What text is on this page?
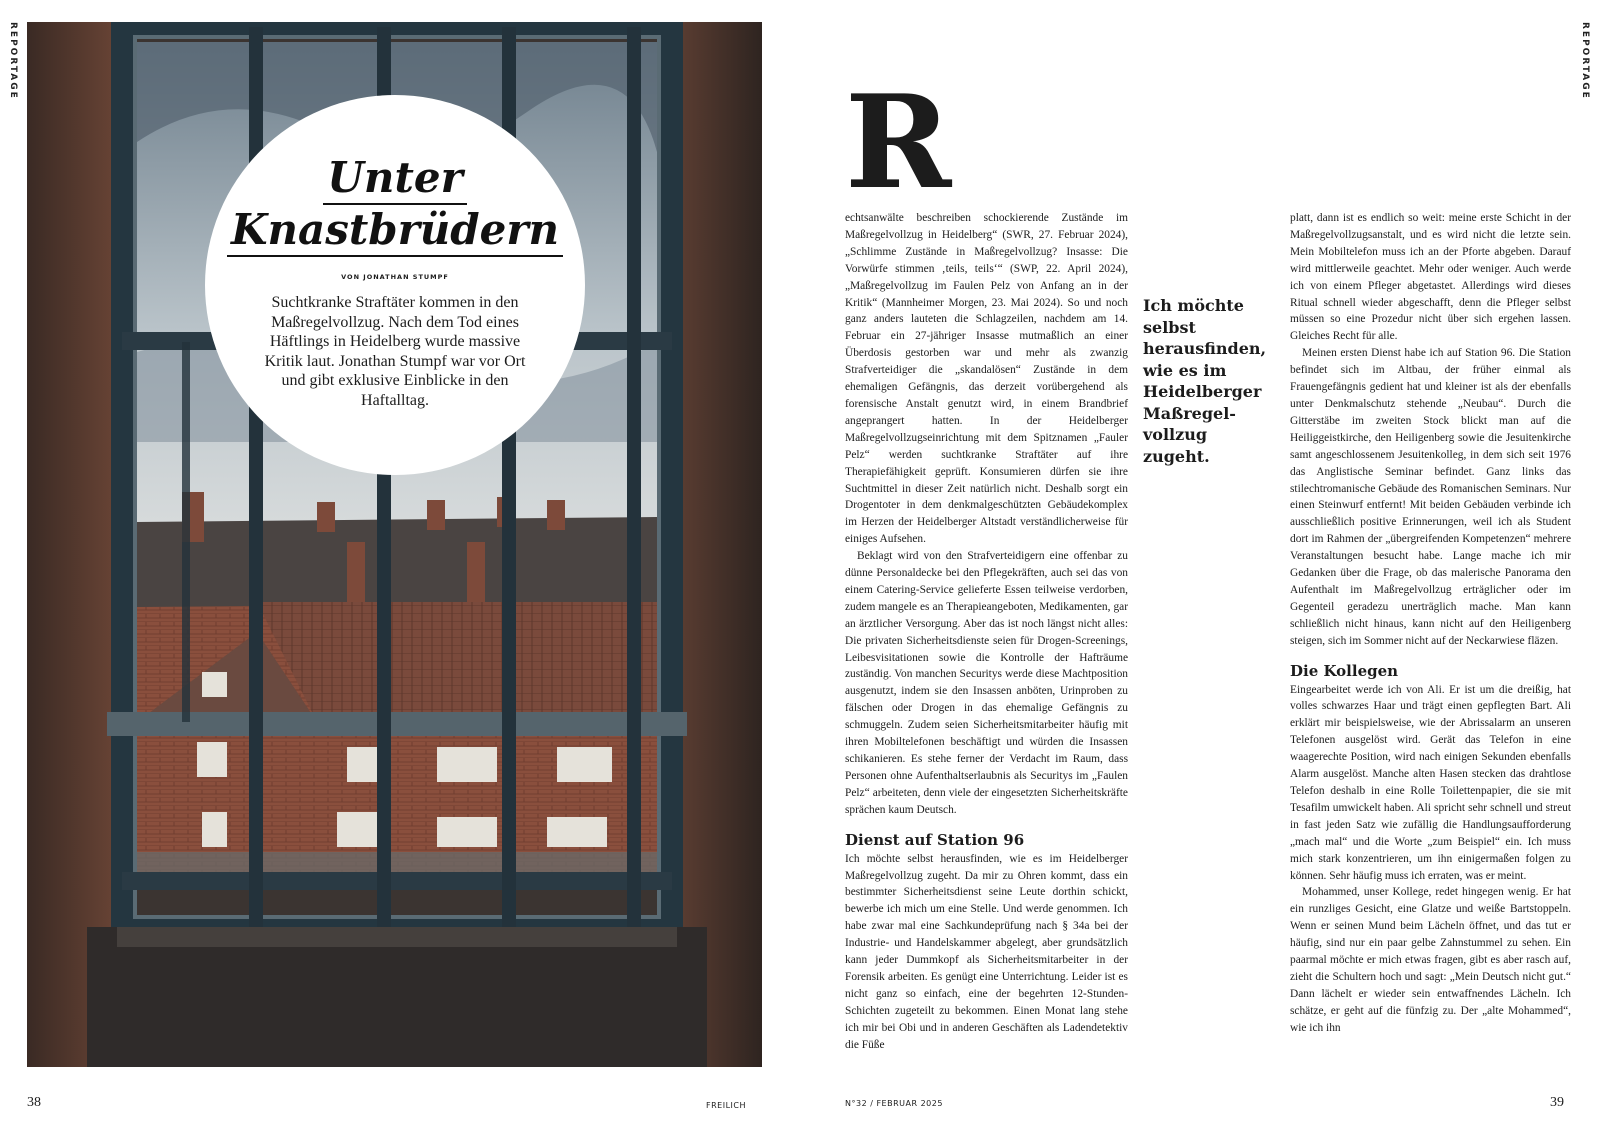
REPORTAGE
Unter
Knastbrüdern
VON JONATHAN STUMPF
Suchtkranke Straftäter kommen in den Maßregelvollzug. Nach dem Tod eines Häftlings in Heidelberg wurde massive Kritik laut. Jonathan Stumpf war vor Ort und gibt exklusive Einblicke in den Haftalltag.
38	FREILICH
REPORTAGE
R

echtsanwälte beschreiben schockierende Zustände im Maßregelvollzug in Heidelberg“ (SWR, 27. Februar 2024), „Schlimme Zustände in Maßregelvollzug? Insasse: Die Vorwürfe stimmen ‚teils, teils‘“ (SWP, 22. April 2024), „Maßregelvollzug im Faulen Pelz von Anfang an in der Kritik“ (Mannheimer Morgen, 23. Mai 2024). So und noch ganz anders lauteten die Schlagzeilen, nachdem am 14. Februar ein 27-jähriger Insasse mutmaßlich an einer Überdosis gestorben war und mehr als zwanzig Strafverteidiger die „skandalösen“ Zustände in dem ehemaligen Gefängnis, das derzeit vorübergehend als forensische Anstalt genutzt wird, in einem Brandbrief angeprangert hatten. In der Heidelberger Maßregelvollzugseinrichtung mit dem Spitznamen „Fauler Pelz“ werden suchtkranke Straftäter auf ihre Therapiefähigkeit geprüft. Konsumieren dürfen sie ihre Suchtmittel in dieser Zeit natürlich nicht. Deshalb sorgt ein Drogentoter in dem denkmalgeschützten Gebäudekomplex im Herzen der Heidelberger Altstadt verständlicherweise für einiges Aufsehen.

Beklagt wird von den Strafverteidigern eine offenbar zu dünne Personaldecke bei den Pflegekräften, auch sei das von einem Catering-Service gelieferte Essen teilweise verdorben, zudem mangele es an Therapieangeboten, Medikamenten, gar an ärztlicher Versorgung. Aber das ist noch längst nicht alles: Die privaten Sicherheitsdienste seien für Drogen-Screenings, Leibesvisitationen sowie die Kontrolle der Hafträume zuständig. Von manchen Securitys werde diese Machtposition ausgenutzt, indem sie den Insassen anböten, Urinproben zu fälschen oder Drogen in das ehemalige Gefängnis zu schmuggeln. Zudem seien Sicherheitsmitarbeiter häufig mit ihren Mobiltelefonen beschäftigt und würden die Insassen schikanieren. Es stehe ferner der Verdacht im Raum, dass Personen ohne Aufenthaltserlaubnis als Securitys im „Faulen Pelz“ arbeiteten, denn viele der eingesetzten Sicherheitskräfte sprächen kaum Deutsch.

Dienst auf Station 96

Ich möchte selbst herausfinden, wie es im Heidelberger Maßregelvollzug zugeht. Da mir zu Ohren kommt, dass ein bestimmter Sicherheitsdienst seine Leute dorthin schickt, bewerbe ich mich um eine Stelle. Und werde genommen. Ich habe zwar mal eine Sachkundeprüfung nach § 34a bei der Industrie- und Handelskammer abgelegt, aber grundsätzlich kann jeder Dummkopf als Sicherheitsmitarbeiter in der Forensik arbeiten. Es genügt eine Unterrichtung. Leider ist es nicht ganz so einfach, eine der begehrten 12-Stunden-Schichten zugeteilt zu bekommen. Einen Monat lang stehe ich mir bei Obi und in anderen Geschäften als Ladendetektiv die Füße

Ich möchte selbst herausfinden, wie es im Heidelberger Maßregel-vollzug zugeht.

platt, dann ist es endlich so weit: meine erste Schicht in der Maßregelvollzugsanstalt, und es wird nicht die letzte sein. Mein Mobiltelefon muss ich an der Pforte abgeben. Darauf wird mittlerweile geachtet. Mehr oder weniger. Auch werde ich von einem Pfleger abgetastet. Allerdings wird dieses Ritual schnell wieder abgeschafft, denn die Pfleger selbst müssen so eine Prozedur nicht über sich ergehen lassen. Gleiches Recht für alle.

Meinen ersten Dienst habe ich auf Station 96. Die Station befindet sich im Altbau, der früher einmal als Frauengefängnis gedient hat und kleiner ist als der ebenfalls unter Denkmalschutz stehende „Neubau“. Durch die Gitterstäbe im zweiten Stock blickt man auf die Heiliggeistkirche, den Heiligenberg sowie die Jesuitenkirche samt angeschlossenem Jesuitenkolleg, in dem sich seit 1976 das Anglistische Seminar befindet. Ganz links das stilechtromanische Gebäude des Romanischen Seminars. Nur einen Steinwurf entfernt! Mit beiden Gebäuden verbinde ich ausschließlich positive Erinnerungen, weil ich als Student dort im Rahmen der „übergreifenden Kompetenzen“ mehrere Veranstaltungen besucht habe. Lange mache ich mir Gedanken über die Frage, ob das malerische Panorama den Aufenthalt im Maßregelvollzug erträglicher oder im Gegenteil geradezu unerträglich mache. Man kann schließlich nicht hinaus, kann nicht auf den Heiligenberg steigen, sich im Sommer nicht auf der Neckarwiese fläzen.

Die Kollegen

Eingearbeitet werde ich von Ali. Er ist um die dreißig, hat volles schwarzes Haar und trägt einen gepflegten Bart. Ali erklärt mir beispielsweise, wie der Abrissalarm an unseren Telefonen ausgelöst wird. Gerät das Telefon in eine waagerechte Position, wird nach einigen Sekunden ebenfalls Alarm ausgelöst. Manche alten Hasen stecken das drahtlose Telefon deshalb in eine Rolle Toilettenpapier, die sie mit Tesafilm umwickelt haben. Ali spricht sehr schnell und streut in fast jeden Satz wie zufällig die Handlungsaufforderung „mach mal“ und die Worte „zum Beispiel“ ein. Ich muss mich stark konzentrieren, um ihn einigermaßen folgen zu können. Sehr häufig muss ich erraten, was er meint.

Mohammed, unser Kollege, redet hingegen wenig. Er hat ein runzliges Gesicht, eine Glatze und weiße Bartstoppeln. Wenn er seinen Mund beim Lächeln öffnet, und das tut er häufig, sind nur ein paar gelbe Zahnstummel zu sehen. Ein paarmal möchte er mich etwas fragen, gibt es aber rasch auf, zieht die Schultern hoch und sagt: „Mein Deutsch nicht gut.“ Dann lächelt er wieder sein entwaffnendes Lächeln. Ich schätze, er geht auf die fünfzig zu. Der „alte Mohammed“, wie ich ihn

N°32 / FEBRUAR 2025	39
